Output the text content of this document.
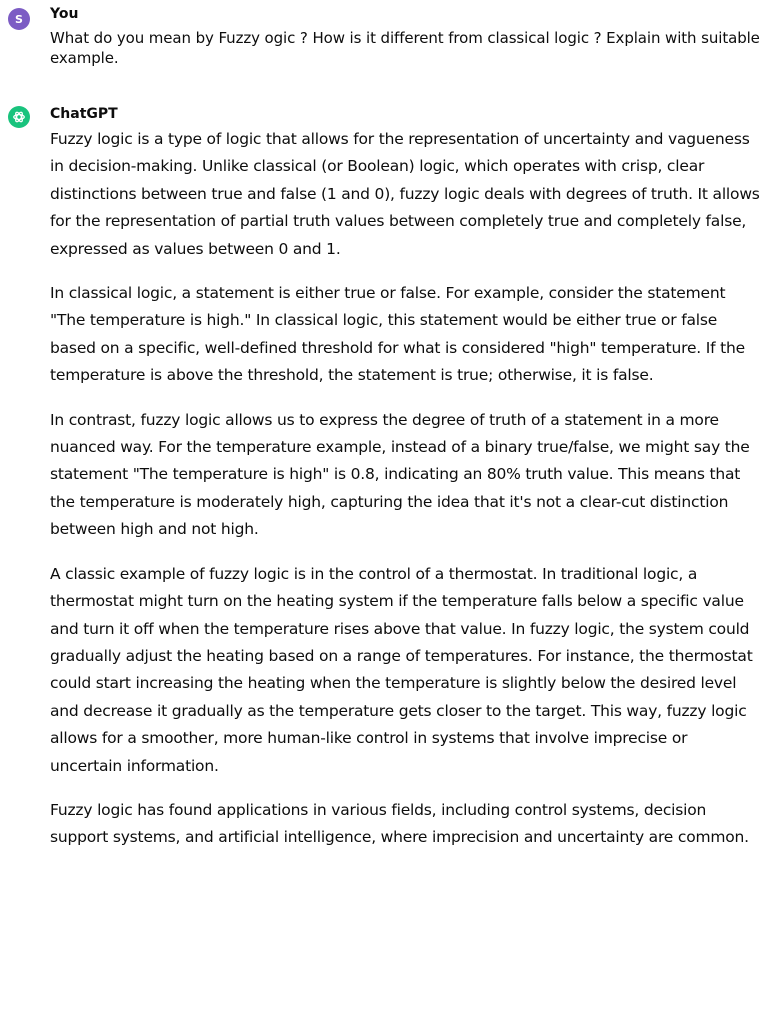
S You
What do you mean by Fuzzy ogic ? How is it different from classical logic ? Explain with suitable example.
ChatGPT

Fuzzy logic is a type of logic that allows for the representation of uncertainty and vagueness in decision-making. Unlike classical (or Boolean) logic, which operates with crisp, clear distinctions between true and false (1 and 0), fuzzy logic deals with degrees of truth. It allows for the representation of partial truth values between completely true and completely false, expressed as values between 0 and 1.

In classical logic, a statement is either true or false. For example, consider the statement "The temperature is high." In classical logic, this statement would be either true or false based on a specific, well-defined threshold for what is considered "high" temperature. If the temperature is above the threshold, the statement is true; otherwise, it is false.

In contrast, fuzzy logic allows us to express the degree of truth of a statement in a more nuanced way. For the temperature example, instead of a binary true/false, we might say the statement "The temperature is high" is 0.8, indicating an 80% truth value. This means that the temperature is moderately high, capturing the idea that it's not a clear-cut distinction between high and not high.

A classic example of fuzzy logic is in the control of a thermostat. In traditional logic, a thermostat might turn on the heating system if the temperature falls below a specific value and turn it off when the temperature rises above that value. In fuzzy logic, the system could gradually adjust the heating based on a range of temperatures. For instance, the thermostat could start increasing the heating when the temperature is slightly below the desired level and decrease it gradually as the temperature gets closer to the target. This way, fuzzy logic allows for a smoother, more human-like control in systems that involve imprecise or uncertain information.

Fuzzy logic has found applications in various fields, including control systems, decision support systems, and artificial intelligence, where imprecision and uncertainty are common.
